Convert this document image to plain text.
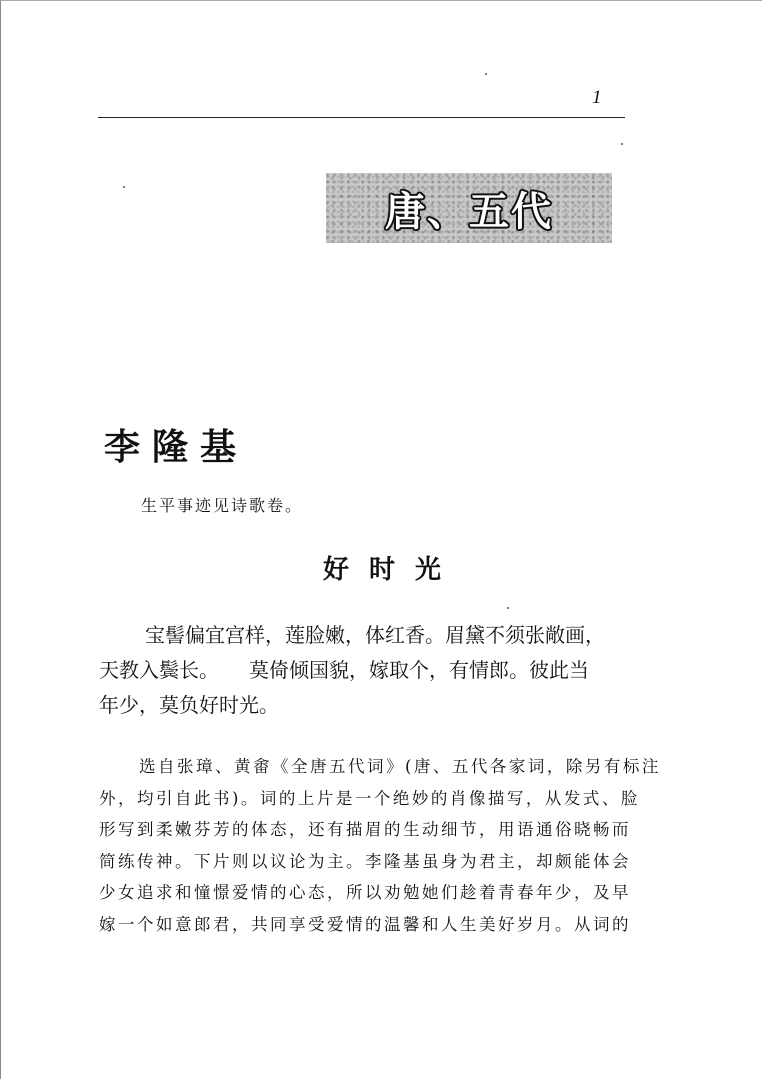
1
唐、五代
李隆基
生平事迹见诗歌卷。
好时光
宝髻偏宜宫样，莲脸嫩，体红香。眉黛不须张敞画，
天教入鬓长。　　莫倚倾国貌，嫁取个，有情郎。彼此当
年少，莫负好时光。
选自张璋、黄畬《全唐五代词》(唐、五代各家词，除另有标注
外，均引自此书)。词的上片是一个绝妙的肖像描写，从发式、脸
形写到柔嫩芬芳的体态，还有描眉的生动细节，用语通俗晓畅而
简练传神。下片则以议论为主。李隆基虽身为君主，却颇能体会
少女追求和憧憬爱情的心态，所以劝勉她们趁着青春年少，及早
嫁一个如意郎君，共同享受爱情的温馨和人生美好岁月。从词的
